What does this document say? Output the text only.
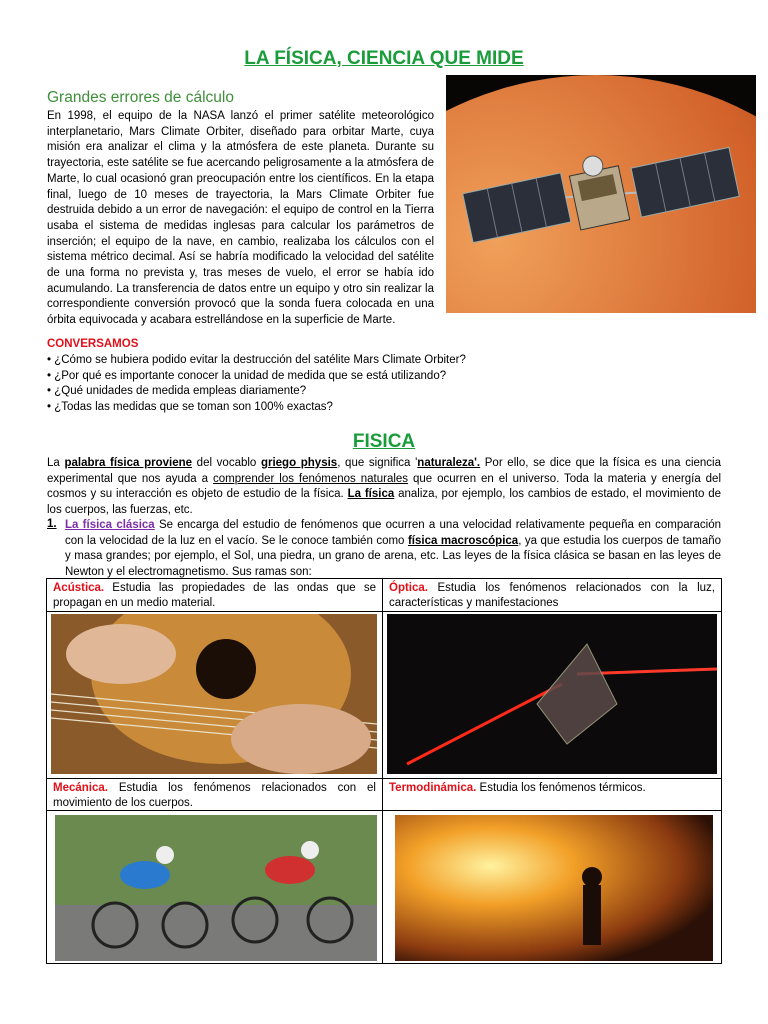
LA FÍSICA, CIENCIA QUE MIDE
Grandes errores de cálculo
En 1998, el equipo de la NASA lanzó el primer satélite meteorológico interplanetario, Mars Climate Orbiter, diseñado para orbitar Marte, cuya misión era analizar el clima y la atmósfera de este planeta. Durante su trayectoria, este satélite se fue acercando peligrosamente a la atmósfera de Marte, lo cual ocasionó gran preocupación entre los científicos. En la etapa final, luego de 10 meses de trayectoria, la Mars Climate Orbiter fue destruida debido a un error de navegación: el equipo de control en la Tierra usaba el sistema de medidas inglesas para calcular los parámetros de inserción; el equipo de la nave, en cambio, realizaba los cálculos con el sistema métrico decimal. Así se habría modificado la velocidad del satélite de una forma no prevista y, tras meses de vuelo, el error se había ido acumulando. La transferencia de datos entre un equipo y otro sin realizar la correspondiente conversión provocó que la sonda fuera colocada en una órbita equivocada y acabara estrellándose en la superficie de Marte.
CONVERSAMOS
• ¿Cómo se hubiera podido evitar la destrucción del satélite Mars Climate Orbiter?
• ¿Por qué es importante conocer la unidad de medida que se está utilizando?
• ¿Qué unidades de medida empleas diariamente?
• ¿Todas las medidas que se toman son 100% exactas?
FISICA
La palabra física proviene del vocablo griego physis, que significa 'naturaleza'. Por ello, se dice que la física es una ciencia experimental que nos ayuda a comprender los fenómenos naturales que ocurren en el universo. Toda la materia y energía del cosmos y su interacción es objeto de estudio de la física. La física analiza, por ejemplo, los cambios de estado, el movimiento de los cuerpos, las fuerzas, etc.
1. La física clásica Se encarga del estudio de fenómenos que ocurren a una velocidad relativamente pequeña en comparación con la velocidad de la luz en el vacío. Se le conoce también como física macroscópica, ya que estudia los cuerpos de tamaño y masa grandes; por ejemplo, el Sol, una piedra, un grano de arena, etc. Las leyes de la física clásica se basan en las leyes de Newton y el electromagnetismo. Sus ramas son:
Acústica. Estudia las propiedades de las ondas que se propagan en un medio material.
Óptica. Estudia los fenómenos relacionados con la luz, características y manifestaciones
Mecánica. Estudia los fenómenos relacionados con el movimiento de los cuerpos.
Termodinámica. Estudia los fenómenos térmicos.
